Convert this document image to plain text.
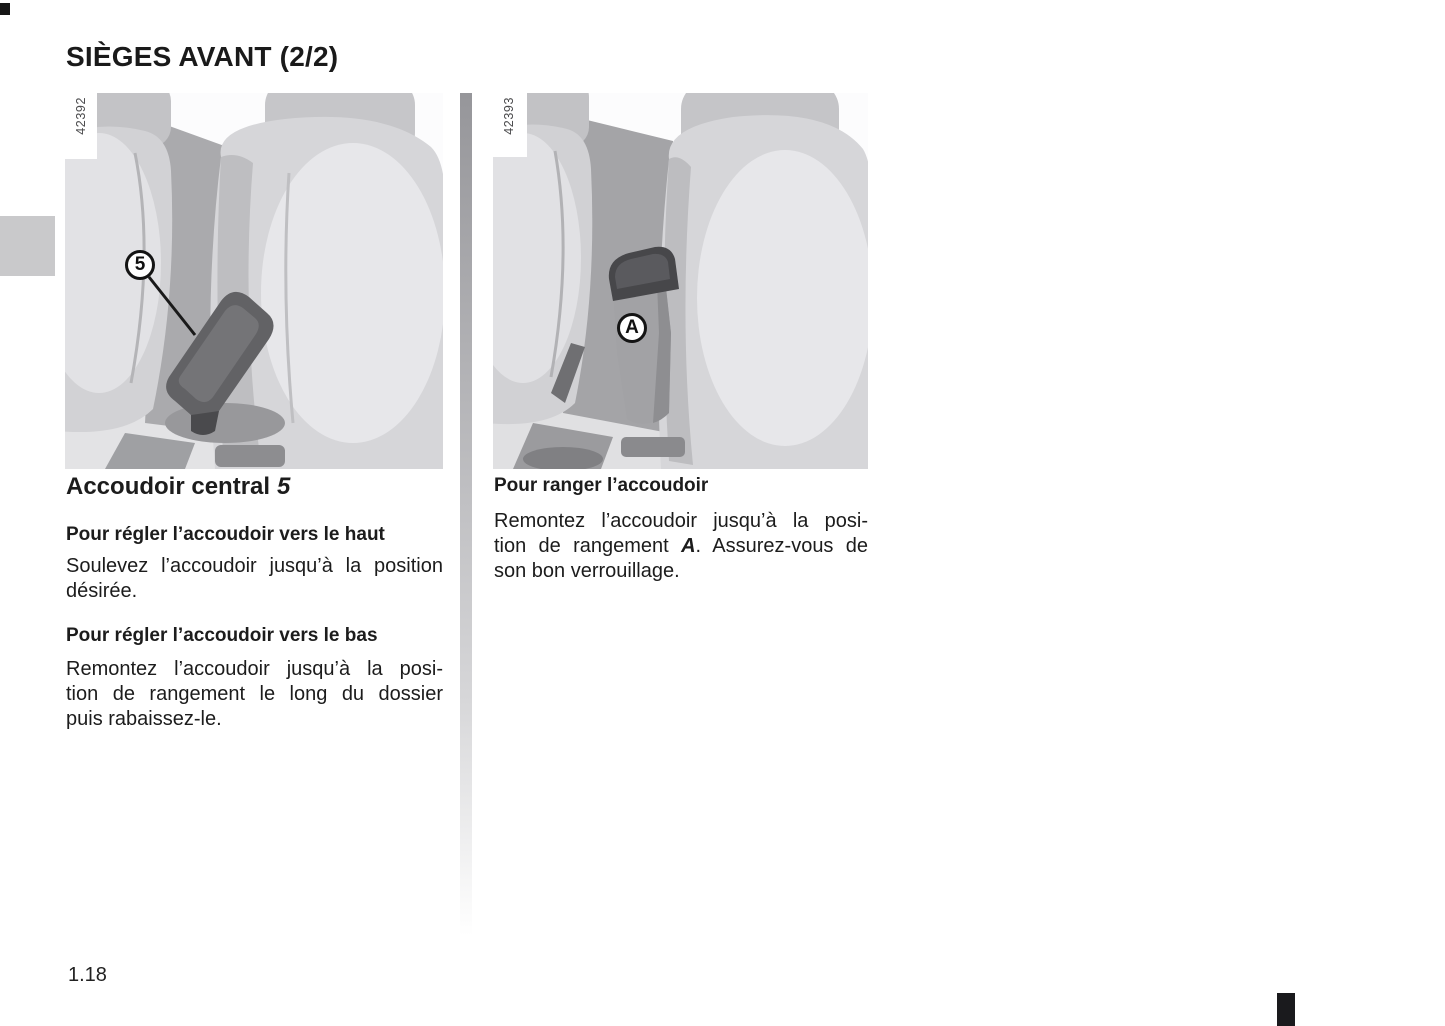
SIÈGES AVANT (2/2)
42392
5
42393
A
Accoudoir central 5
Pour régler l’accoudoir vers le haut

Soulevez l’accoudoir jusqu’à la position
désirée.

Pour régler l’accoudoir vers le bas

Remontez l’accoudoir jusqu’à la posi-
tion de rangement le long du dossier
puis rabaissez-le.

Pour ranger l’accoudoir

Remontez l’accoudoir jusqu’à la posi-
tion de rangement A. Assurez-vous de
son bon verrouillage.

1.18
